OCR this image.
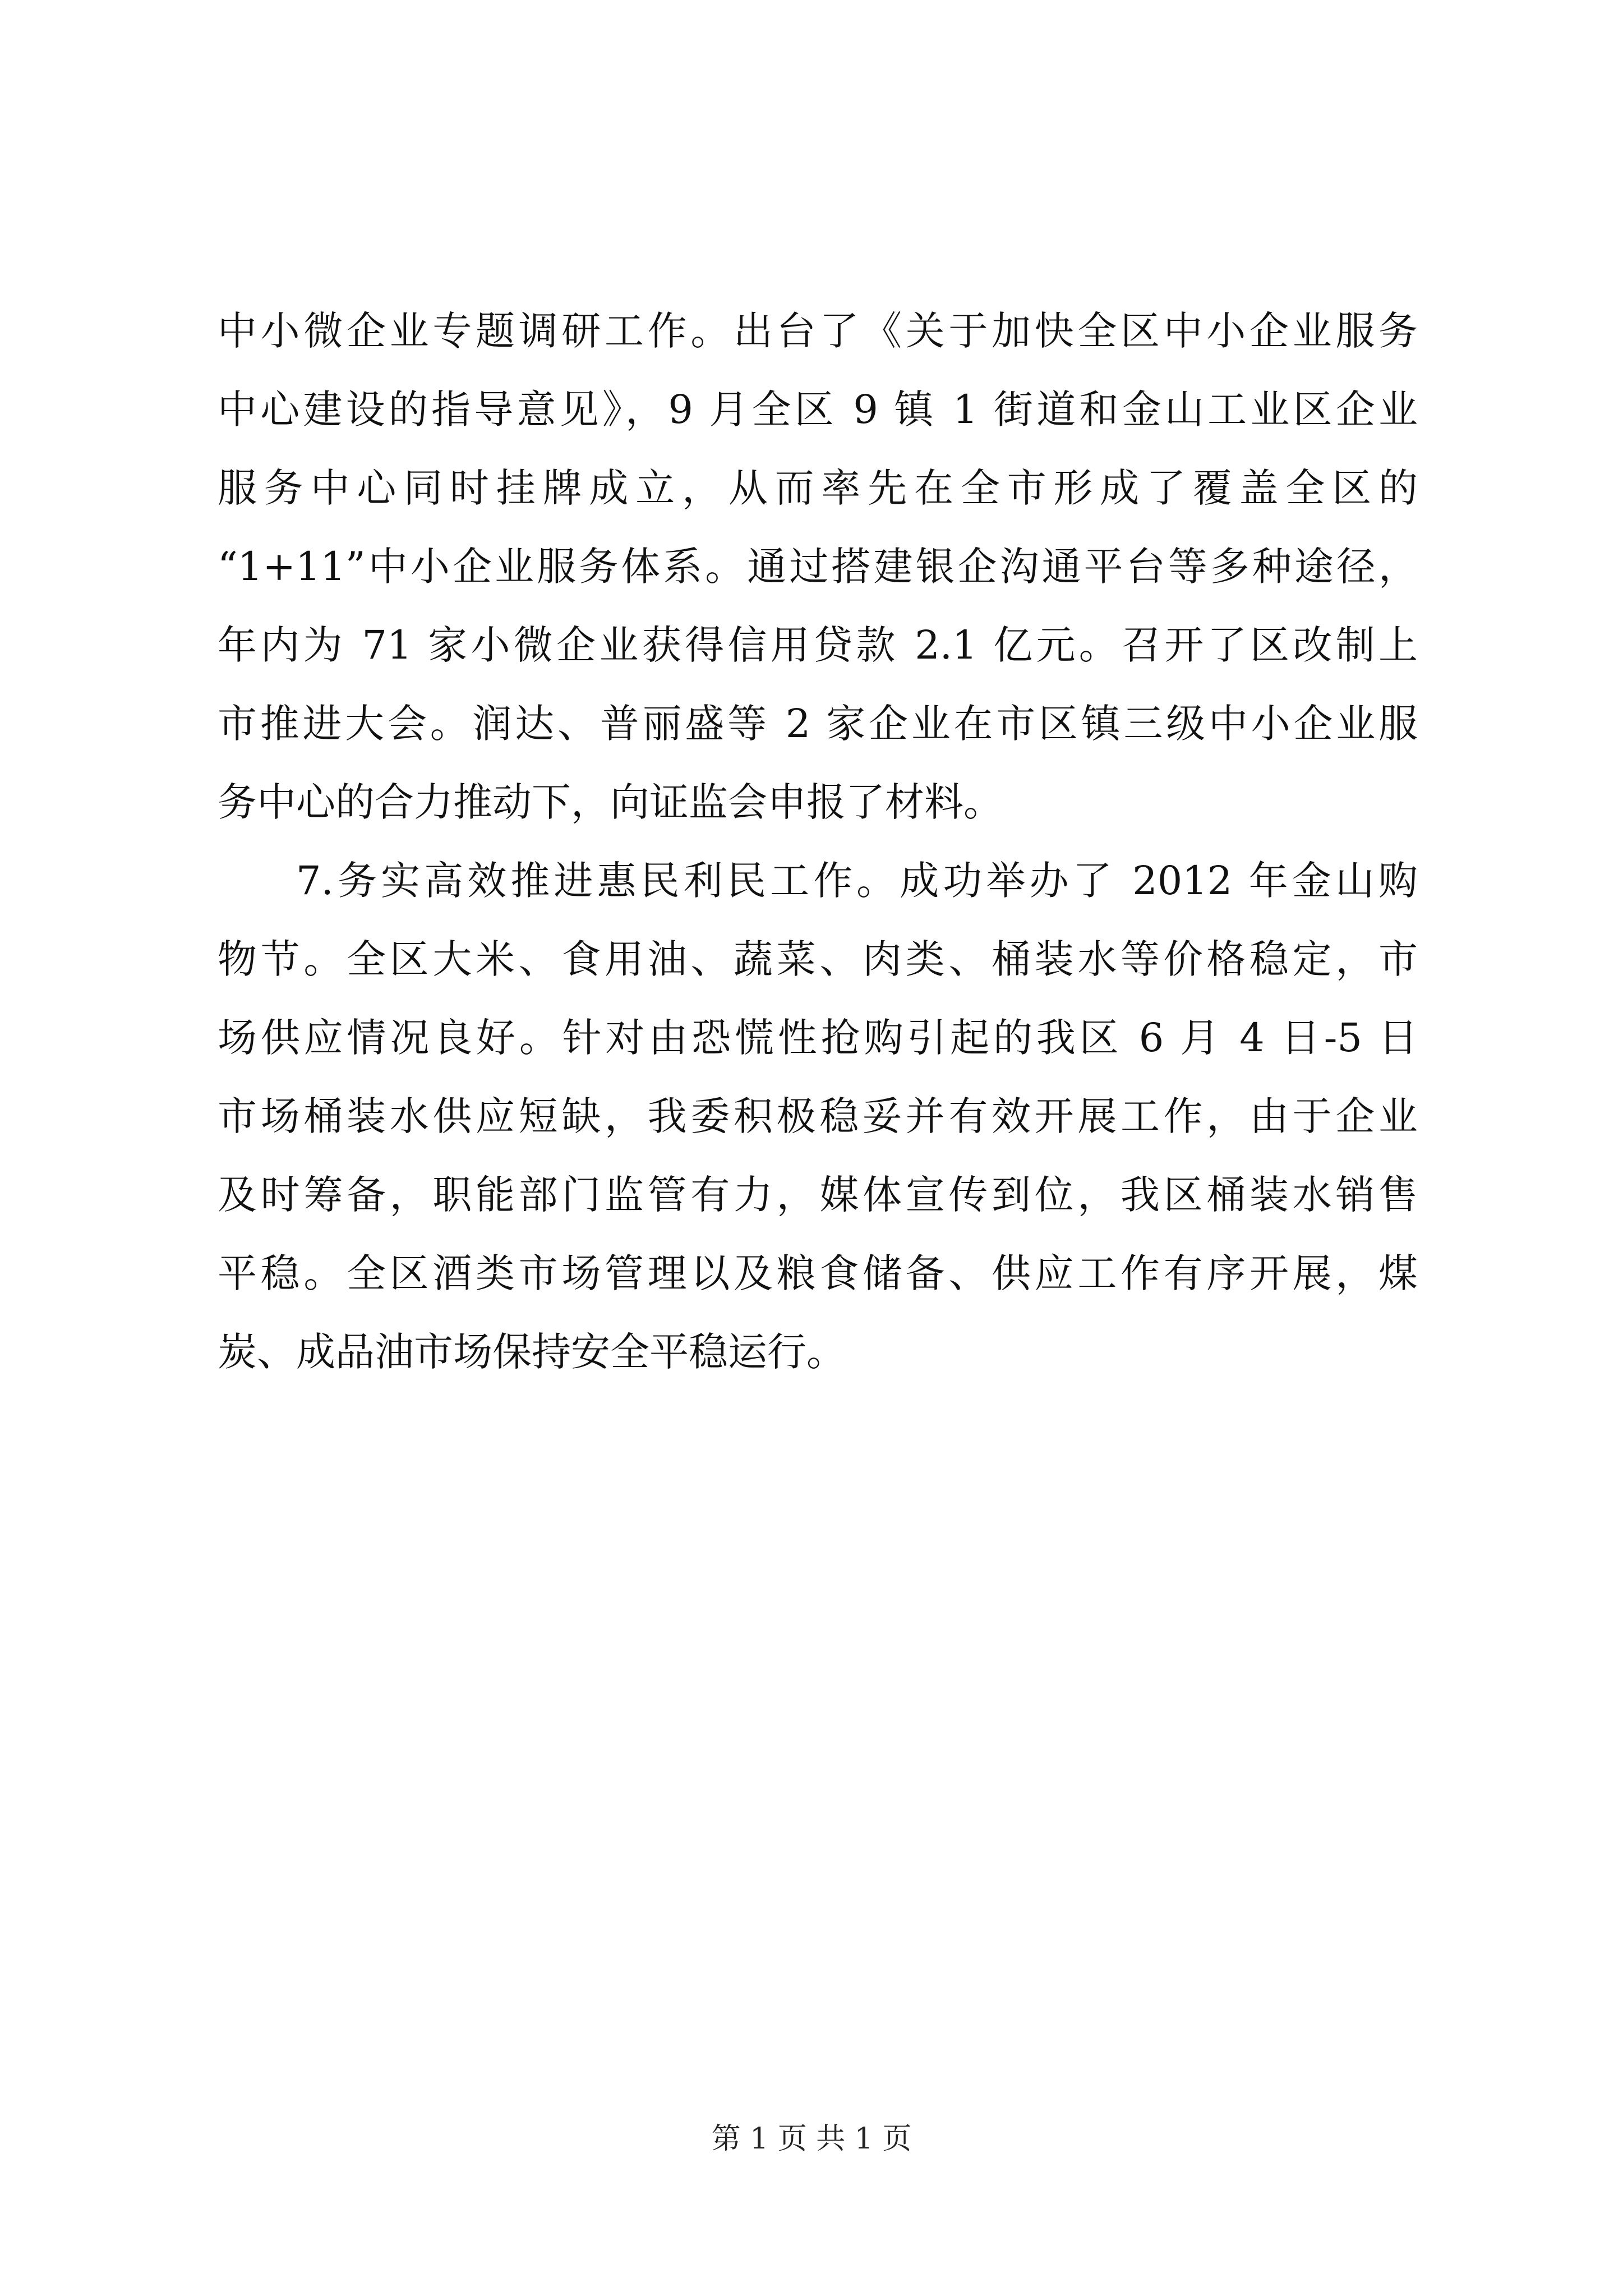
中小微企业专题调研工作。出台了《关于加快全区中小企业服务
中心建设的指导意见》，9 月全区 9 镇 1 街道和金山工业区企业
服务中心同时挂牌成立，从而率先在全市形成了覆盖全区的
“1+11”中小企业服务体系。通过搭建银企沟通平台等多种途径，
年内为 71 家小微企业获得信用贷款 2.1 亿元。召开了区改制上
市推进大会。润达、普丽盛等 2 家企业在市区镇三级中小企业服
务中心的合力推动下，向证监会申报了材料。
7.务实高效推进惠民利民工作。成功举办了 2012 年金山购
物节。全区大米、食用油、蔬菜、肉类、桶装水等价格稳定，市
场供应情况良好。针对由恐慌性抢购引起的我区 6 月 4 日-5 日
市场桶装水供应短缺，我委积极稳妥并有效开展工作，由于企业
及时筹备，职能部门监管有力，媒体宣传到位，我区桶装水销售
平稳。全区酒类市场管理以及粮食储备、供应工作有序开展，煤
炭、成品油市场保持安全平稳运行。
第 1 页 共 1 页
